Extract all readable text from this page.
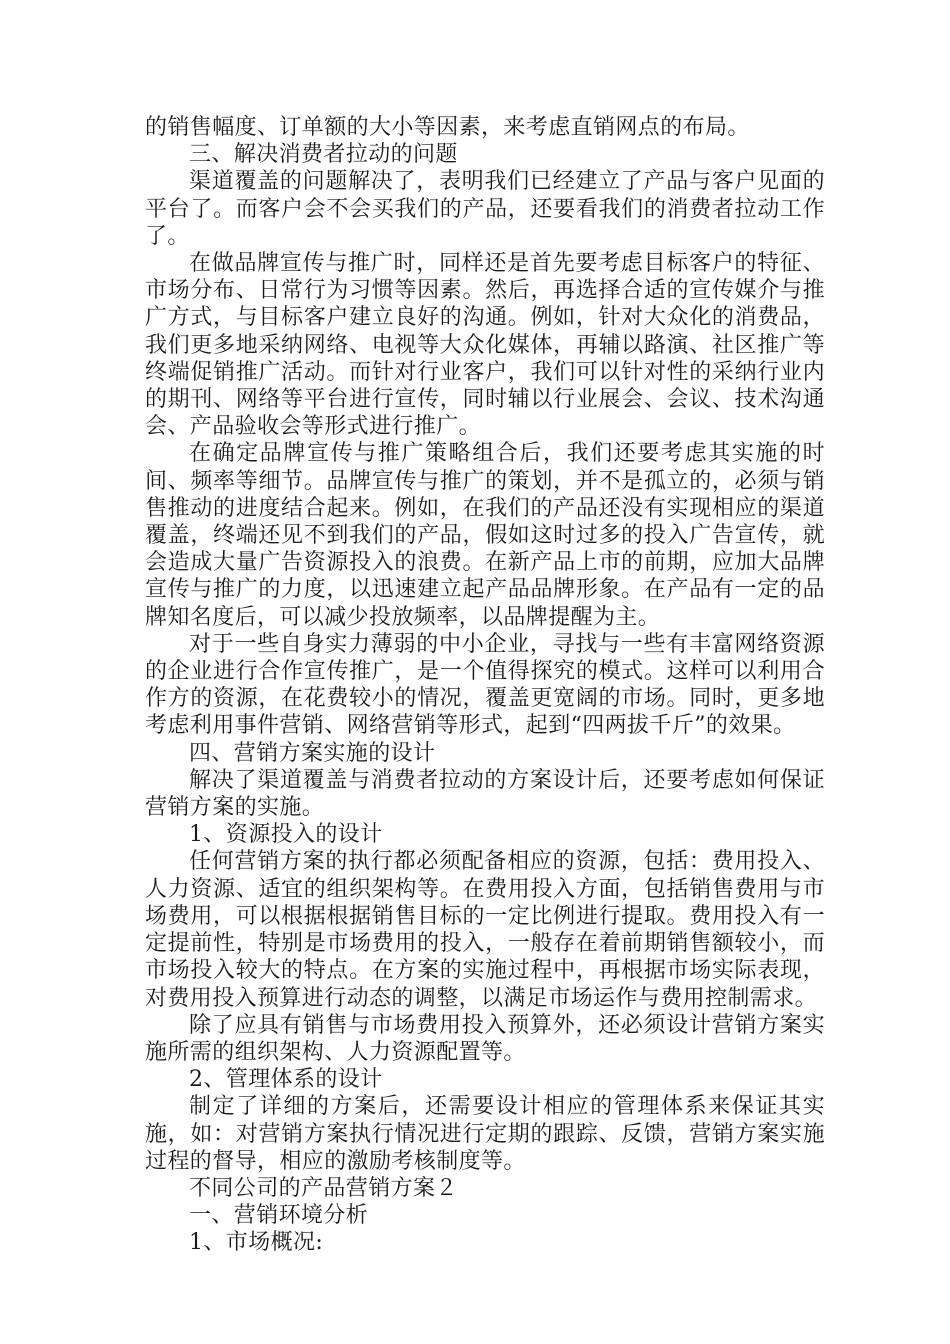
的销售幅度、订单额的大小等因素，来考虑直销网点的布局。

三、解决消费者拉动的问题

渠道覆盖的问题解决了，表明我们已经建立了产品与客户见面的平台了。而客户会不会买我们的产品，还要看我们的消费者拉动工作了。

在做品牌宣传与推广时，同样还是首先要考虑目标客户的特征、市场分布、日常行为习惯等因素。然后，再选择合适的宣传媒介与推广方式，与目标客户建立良好的沟通。例如，针对大众化的消费品，我们更多地采纳网络、电视等大众化媒体，再辅以路演、社区推广等终端促销推广活动。而针对行业客户，我们可以针对性的采纳行业内的期刊、网络等平台进行宣传，同时辅以行业展会、会议、技术沟通会、产品验收会等形式进行推广。

在确定品牌宣传与推广策略组合后，我们还要考虑其实施的时间、频率等细节。品牌宣传与推广的策划，并不是孤立的，必须与销售推动的进度结合起来。例如，在我们的产品还没有实现相应的渠道覆盖，终端还见不到我们的产品，假如这时过多的投入广告宣传，就会造成大量广告资源投入的浪费。在新产品上市的前期，应加大品牌宣传与推广的力度，以迅速建立起产品品牌形象。在产品有一定的品牌知名度后，可以减少投放频率，以品牌提醒为主。

对于一些自身实力薄弱的中小企业，寻找与一些有丰富网络资源的企业进行合作宣传推广，是一个值得探究的模式。这样可以利用合作方的资源，在花费较小的情况，覆盖更宽阔的市场。同时，更多地考虑利用事件营销、网络营销等形式，起到“四两拔千斤”的效果。

四、营销方案实施的设计

解决了渠道覆盖与消费者拉动的方案设计后，还要考虑如何保证营销方案的实施。

1、资源投入的设计

任何营销方案的执行都必须配备相应的资源，包括：费用投入、人力资源、适宜的组织架构等。在费用投入方面，包括销售费用与市场费用，可以根据根据销售目标的一定比例进行提取。费用投入有一定提前性，特别是市场费用的投入，一般存在着前期销售额较小，而市场投入较大的特点。在方案的实施过程中，再根据市场实际表现，对费用投入预算进行动态的调整，以满足市场运作与费用控制需求。

除了应具有销售与市场费用投入预算外，还必须设计营销方案实施所需的组织架构、人力资源配置等。

2、管理体系的设计

制定了详细的方案后，还需要设计相应的管理体系来保证其实施，如：对营销方案执行情况进行定期的跟踪、反馈，营销方案实施过程的督导，相应的激励考核制度等。

不同公司的产品营销方案２

一、营销环境分析

1、市场概况:
